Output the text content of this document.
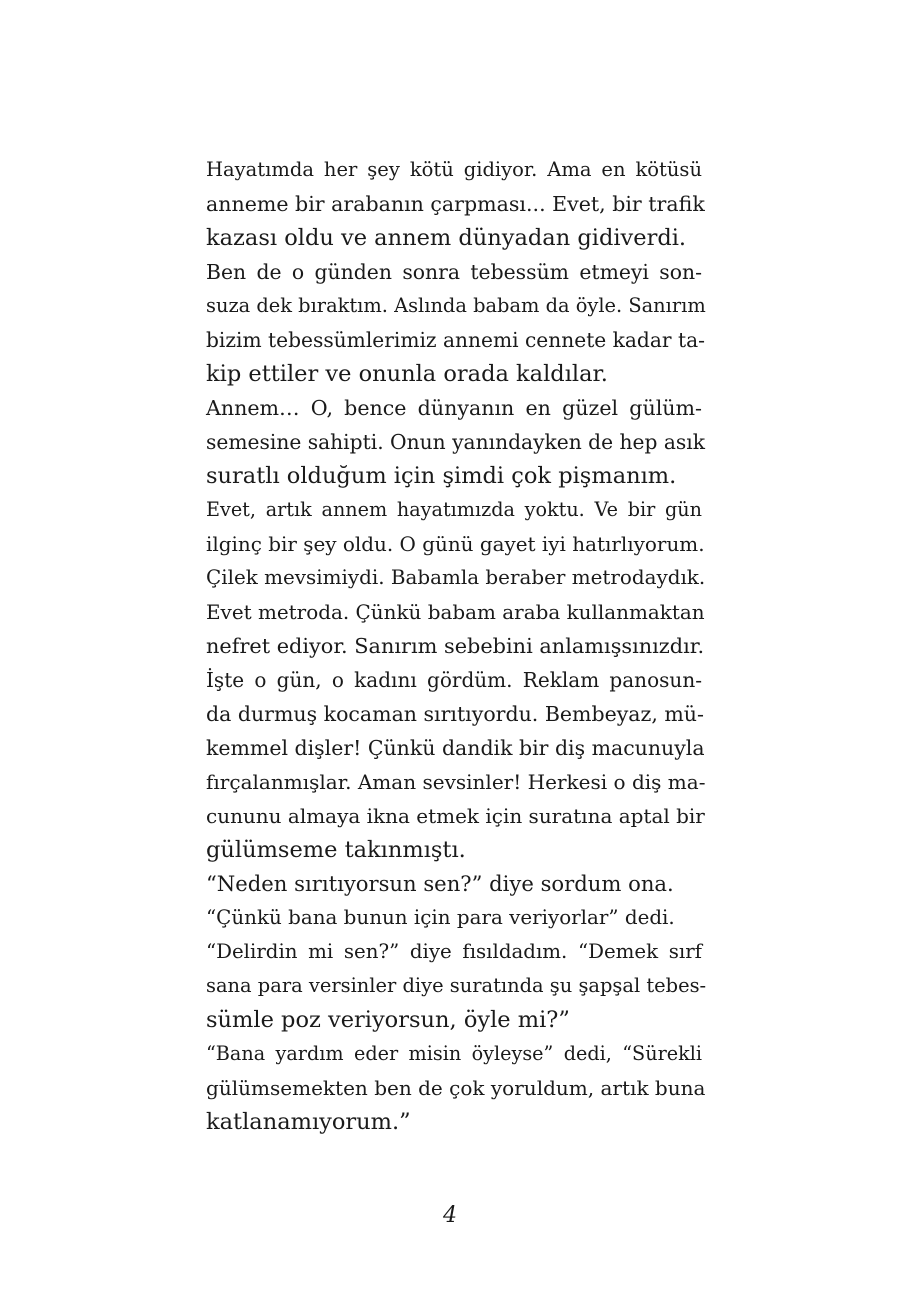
Hayatımda her şey kötü gidiyor. Ama en kötüsü
anneme bir arabanın çarpması... Evet, bir trafik
kazası oldu ve annem dünyadan gidiverdi.

Ben de o günden sonra tebessüm etmeyi son-
suza dek bıraktım. Aslında babam da öyle. Sanırım
bizim tebessümlerimiz annemi cennete kadar ta-
kip ettiler ve onunla orada kaldılar.

Annem… O, bence dünyanın en güzel gülüm-
semesine sahipti. Onun yanındayken de hep asık
suratlı olduğum için şimdi çok pişmanım.

Evet, artık annem hayatımızda yoktu. Ve bir gün
ilginç bir şey oldu. O günü gayet iyi hatırlıyorum.
Çilek mevsimiydi. Babamla beraber metrodaydık.
Evet metroda. Çünkü babam araba kullanmaktan
nefret ediyor. Sanırım sebebini anlamışsınızdır.

İşte o gün, o kadını gördüm. Reklam panosun-
da durmuş kocaman sırıtıyordu. Bembeyaz, mü-
kemmel dişler! Çünkü dandik bir diş macunuyla
fırçalanmışlar. Aman sevsinler! Herkesi o diş ma-
cununu almaya ikna etmek için suratına aptal bir
gülümseme takınmıştı.

“Neden sırıtıyorsun sen?” diye sordum ona.

“Çünkü bana bunun için para veriyorlar” dedi.

“Delirdin mi sen?” diye fısıldadım. “Demek sırf
sana para versinler diye suratında şu şapşal tebes-
sümle poz veriyorsun, öyle mi?”

“Bana yardım eder misin öyleyse” dedi, “Sürekli
gülümsemekten ben de çok yoruldum, artık buna
katlanamıyorum.”

4
